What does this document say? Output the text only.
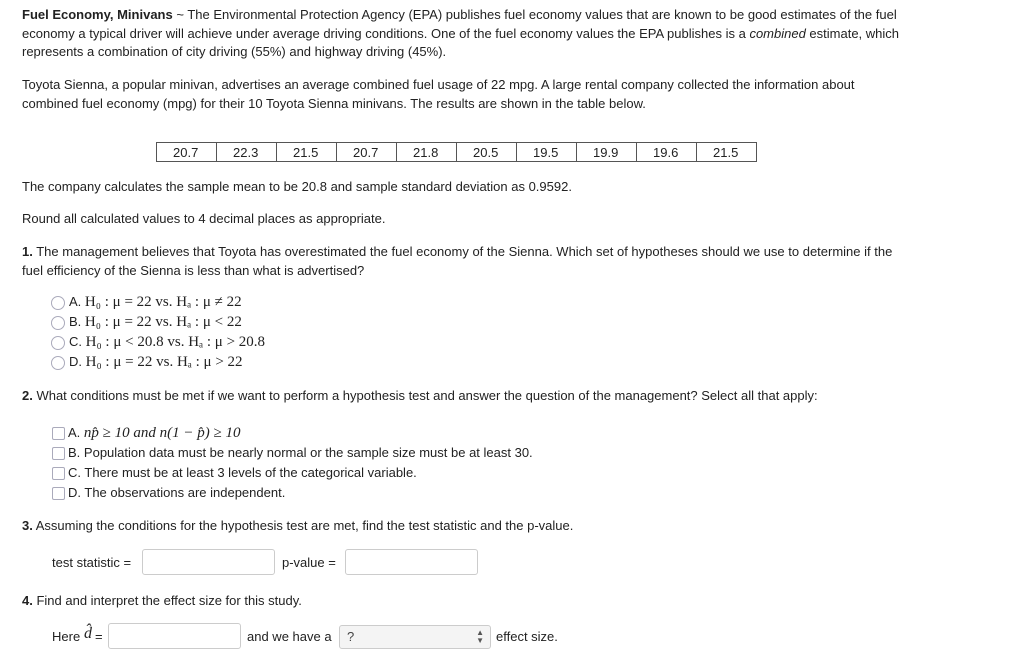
Fuel Economy, Minivans ~ The Environmental Protection Agency (EPA) publishes fuel economy values that are known to be good estimates of the fuel economy a typical driver will achieve under average driving conditions. One of the fuel economy values the EPA publishes is a combined estimate, which represents a combination of city driving (55%) and highway driving (45%).
Toyota Sienna, a popular minivan, advertises an average combined fuel usage of 22 mpg. A large rental company collected the information about combined fuel economy (mpg) for their 10 Toyota Sienna minivans. The results are shown in the table below.
20.7	22.3	21.5	20.7	21.8	20.5	19.5	19.9	19.6	21.5

The company calculates the sample mean to be 20.8 and sample standard deviation as 0.9592.

Round all calculated values to 4 decimal places as appropriate.

1. The management believes that Toyota has overestimated the fuel economy of the Sienna. Which set of hypotheses should we use to determine if the fuel efficiency of the Sienna is less than what is advertised?
A. H₀ : μ = 22 vs. Hₐ : μ ≠ 22
B. H₀ : μ = 22 vs. Hₐ : μ < 22
C. H₀ : μ < 20.8 vs. Hₐ : μ > 20.8
D. H₀ : μ = 22 vs. Hₐ : μ > 22
2. What conditions must be met if we want to perform a hypothesis test and answer the question of the management? Select all that apply:
A. np̂ ≥ 10 and n(1 − p̂) ≥ 10
B. Population data must be nearly normal or the sample size must be at least 30.
C. There must be at least 3 levels of the categorical variable.
D. The observations are independent.
3. Assuming the conditions for the hypothesis test are met, find the test statistic and the p-value.
test statistic =	p-value =
4. Find and interpret the effect size for this study.
Here d̂ =	and we have a	?	▲
▼ effect size.
